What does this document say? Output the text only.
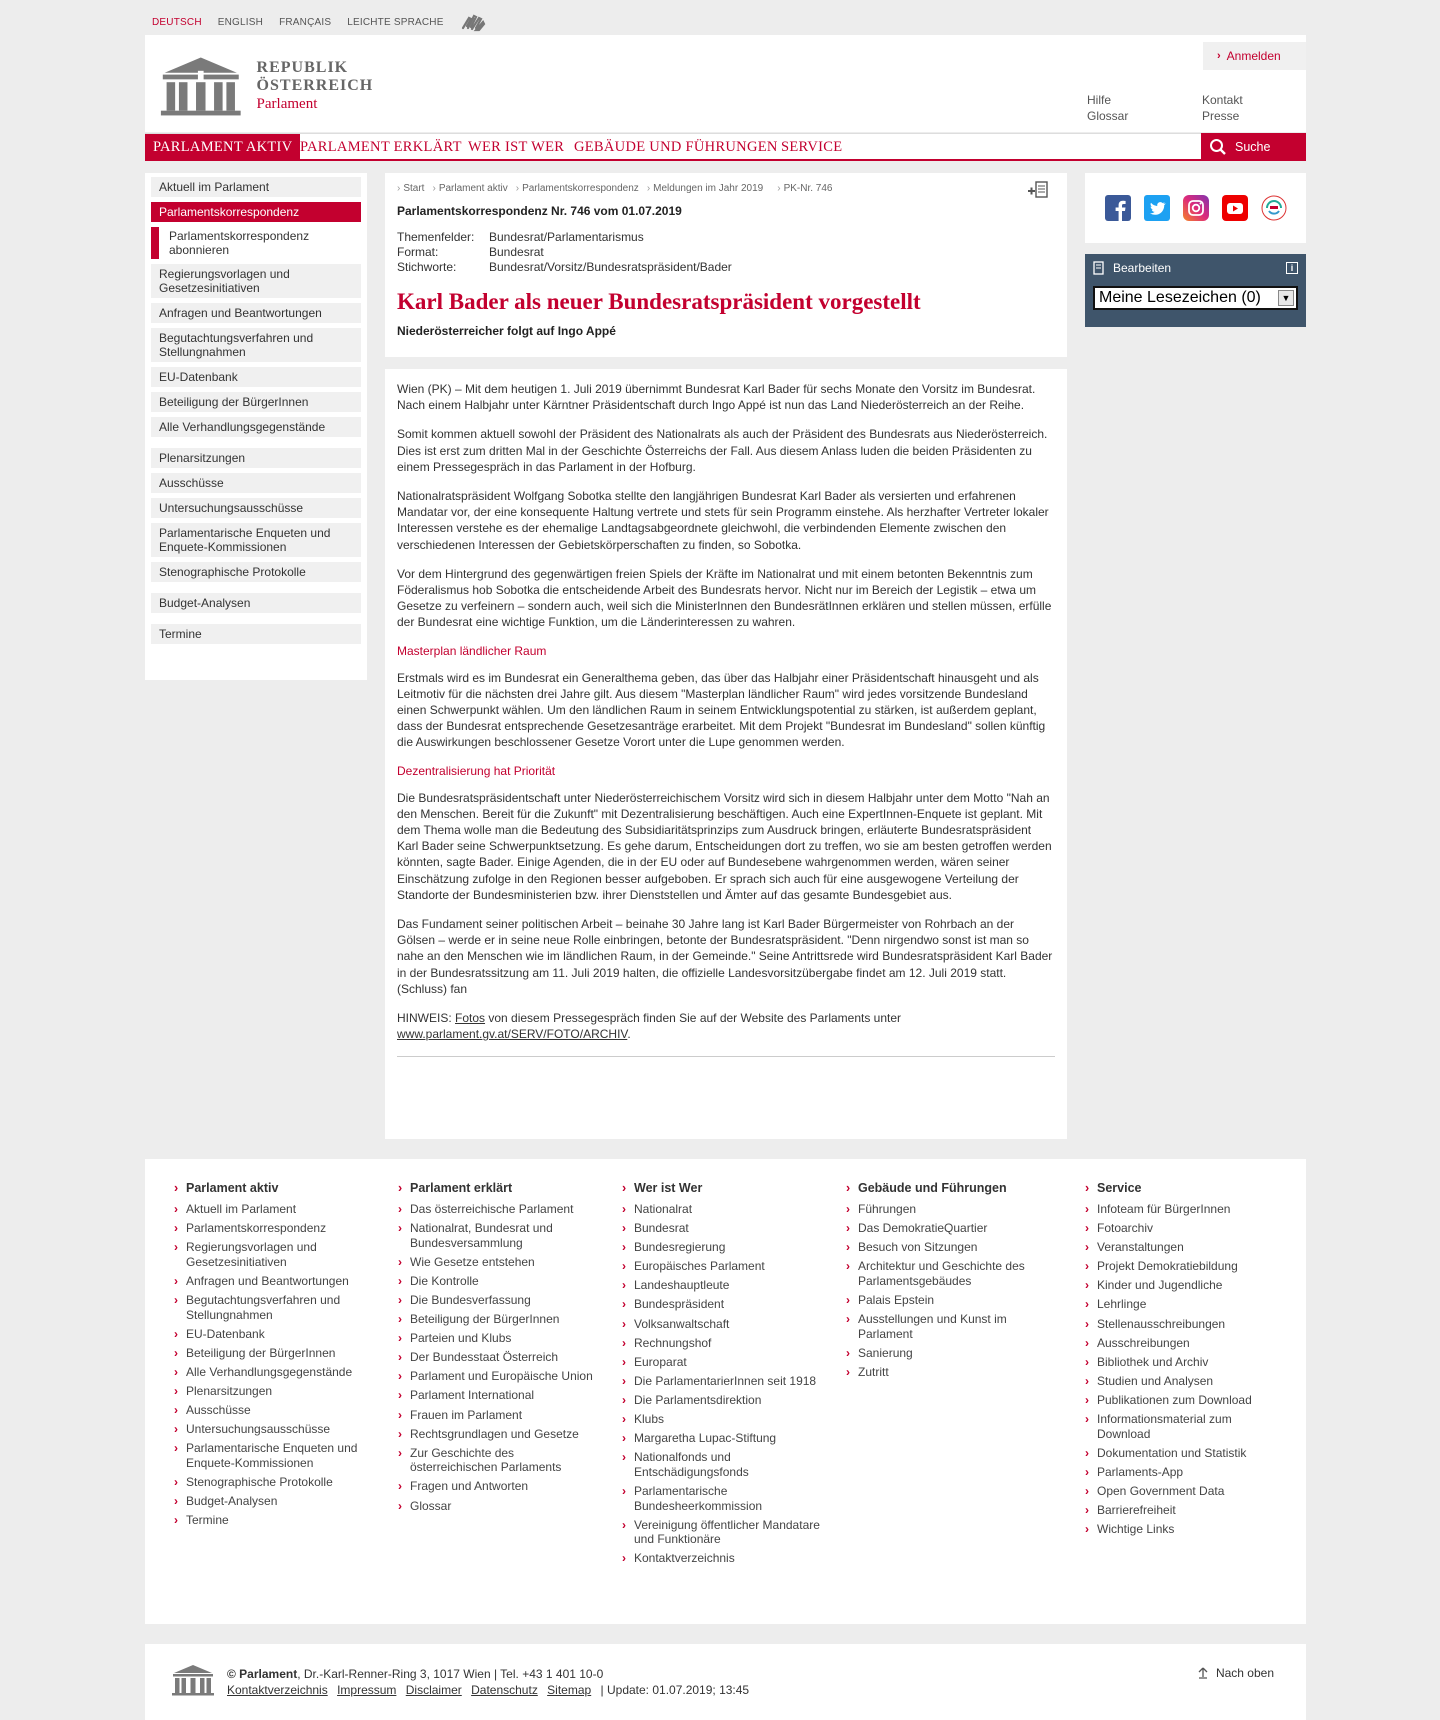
DEUTSCH ENGLISH FRANÇAIS LEICHTE SPRACHE
REPUBLIK ÖSTERREICH
Parlament
› Anmelden
Hilfe
Glossar
Kontakt
Presse
PARLAMENT AKTIV PARLAMENT ERKLÄRT WER IST WER GEBÄUDE UND FÜHRUNGEN SERVICE	Suche
Aktuell im Parlament
Parlamentskorrespondenz
Parlamentskorrespondenz abonnieren
Regierungsvorlagen und Gesetzesinitiativen
Anfragen und Beantwortungen
Begutachtungsverfahren und Stellungnahmen
EU-Datenbank
Beteiligung der BürgerInnen
Alle Verhandlungsgegenstände
Plenarsitzungen
Ausschüsse
Untersuchungsausschüsse
Parlamentarische Enqueten und Enquete-Kommissionen
Stenographische Protokolle
Budget-Analysen
Termine
› Start	› Parlament aktiv	› Parlamentskorrespondenz	› Meldungen im Jahr 2019	› PK-Nr. 746
Parlamentskorrespondenz Nr. 746 vom 01.07.2019
Themenfelder:	Bundesrat/Parlamentarismus
Format:	Bundesrat
Stichworte:	Bundesrat/Vorsitz/Bundesratspräsident/Bader
Karl Bader als neuer Bundesratspräsident vorgestellt
Niederösterreicher folgt auf Ingo Appé

Wien (PK) – Mit dem heutigen 1. Juli 2019 übernimmt Bundesrat Karl Bader für sechs Monate den Vorsitz im Bundesrat. Nach einem Halbjahr unter Kärntner Präsidentschaft durch Ingo Appé ist nun das Land Niederösterreich an der Reihe.

Somit kommen aktuell sowohl der Präsident des Nationalrats als auch der Präsident des Bundesrats aus Niederösterreich. Dies ist erst zum dritten Mal in der Geschichte Österreichs der Fall. Aus diesem Anlass luden die beiden Präsidenten zu einem Pressegespräch in das Parlament in der Hofburg.

Nationalratspräsident Wolfgang Sobotka stellte den langjährigen Bundesrat Karl Bader als versierten und erfahrenen Mandatar vor, der eine konsequente Haltung vertrete und stets für sein Programm einstehe. Als herzhafter Vertreter lokaler Interessen verstehe es der ehemalige Landtagsabgeordnete gleichwohl, die verbindenden Elemente zwischen den verschiedenen Interessen der Gebietskörperschaften zu finden, so Sobotka.

Vor dem Hintergrund des gegenwärtigen freien Spiels der Kräfte im Nationalrat und mit einem betonten Bekenntnis zum Föderalismus hob Sobotka die entscheidende Arbeit des Bundesrats hervor. Nicht nur im Bereich der Legistik – etwa um Gesetze zu verfeinern – sondern auch, weil sich die MinisterInnen den BundesrätInnen erklären und stellen müssen, erfülle der Bundesrat eine wichtige Funktion, um die Länderinteressen zu wahren.

Masterplan ländlicher Raum

Erstmals wird es im Bundesrat ein Generalthema geben, das über das Halbjahr einer Präsidentschaft hinausgeht und als Leitmotiv für die nächsten drei Jahre gilt. Aus diesem "Masterplan ländlicher Raum" wird jedes vorsitzende Bundesland einen Schwerpunkt wählen. Um den ländlichen Raum in seinem Entwicklungspotential zu stärken, ist außerdem geplant, dass der Bundesrat entsprechende Gesetzesanträge erarbeitet. Mit dem Projekt "Bundesrat im Bundesland" sollen künftig die Auswirkungen beschlossener Gesetze Vorort unter die Lupe genommen werden.

Dezentralisierung hat Priorität

Die Bundesratspräsidentschaft unter Niederösterreichischem Vorsitz wird sich in diesem Halbjahr unter dem Motto "Nah an den Menschen. Bereit für die Zukunft" mit Dezentralisierung beschäftigen. Auch eine ExpertInnen-Enquete ist geplant. Mit dem Thema wolle man die Bedeutung des Subsidiaritätsprinzips zum Ausdruck bringen, erläuterte Bundesratspräsident Karl Bader seine Schwerpunktsetzung. Es gehe darum, Entscheidungen dort zu treffen, wo sie am besten getroffen werden könnten, sagte Bader. Einige Agenden, die in der EU oder auf Bundesebene wahrgenommen werden, wären seiner Einschätzung zufolge in den Regionen besser aufgeboben. Er sprach sich auch für eine ausgewogene Verteilung der Standorte der Bundesministerien bzw. ihrer Dienststellen und Ämter auf das gesamte Bundesgebiet aus.

Das Fundament seiner politischen Arbeit – beinahe 30 Jahre lang ist Karl Bader Bürgermeister von Rohrbach an der Gölsen – werde er in seine neue Rolle einbringen, betonte der Bundesratspräsident. "Denn nirgendwo sonst ist man so nahe an den Menschen wie im ländlichen Raum, in der Gemeinde." Seine Antrittsrede wird Bundesratspräsident Karl Bader in der Bundesratssitzung am 11. Juli 2019 halten, die offizielle Landesvorsitzübergabe findet am 12. Juli 2019 statt. (Schluss) fan

HINWEIS: Fotos von diesem Pressegespräch finden Sie auf der Website des Parlaments unter www.parlament.gv.at/SERV/FOTO/ARCHIV.

Bearbeiten	i
Meine Lesezeichen (0)	▼
› Parlament aktiv
› Aktuell im Parlament
› Parlamentskorrespondenz
› Regierungsvorlagen und Gesetzesinitiativen
› Anfragen und Beantwortungen
› Begutachtungsverfahren und Stellungnahmen
› EU-Datenbank
› Beteiligung der BürgerInnen
› Alle Verhandlungsgegenstände
› Plenarsitzungen
› Ausschüsse
› Untersuchungsausschüsse
› Parlamentarische Enqueten und Enquete-Kommissionen
› Stenographische Protokolle
› Budget-Analysen
› Termine
› Parlament erklärt
› Das österreichische Parlament
› Nationalrat, Bundesrat und Bundesversammlung
› Wie Gesetze entstehen
› Die Kontrolle
› Die Bundesverfassung
› Beteiligung der BürgerInnen
› Parteien und Klubs
› Der Bundesstaat Österreich
› Parlament und Europäische Union
› Parlament International
› Frauen im Parlament
› Rechtsgrundlagen und Gesetze
› Zur Geschichte des österreichischen Parlaments
› Fragen und Antworten
› Glossar
› Wer ist Wer
› Nationalrat
› Bundesrat
› Bundesregierung
› Europäisches Parlament
› Landeshauptleute
› Bundespräsident
› Volksanwaltschaft
› Rechnungshof
› Europarat
› Die ParlamentarierInnen seit 1918
› Die Parlamentsdirektion
› Klubs
› Margaretha Lupac-Stiftung
› Nationalfonds und Entschädigungsfonds
› Parlamentarische Bundesheerkommission
› Vereinigung öffentlicher Mandatare und Funktionäre
› Kontaktverzeichnis
› Gebäude und Führungen
› Führungen
› Das DemokratieQuartier
› Besuch von Sitzungen
› Architektur und Geschichte des Parlamentsgebäudes
› Palais Epstein
› Ausstellungen und Kunst im Parlament
› Sanierung
› Zutritt
› Service
› Infoteam für BürgerInnen
› Fotoarchiv
› Veranstaltungen
› Projekt Demokratiebildung
› Kinder und Jugendliche
› Lehrlinge
› Stellenausschreibungen
› Ausschreibungen
› Bibliothek und Archiv
› Studien und Analysen
› Publikationen zum Download
› Informationsmaterial zum Download
› Dokumentation und Statistik
› Parlaments-App
› Open Government Data
› Barrierefreiheit
› Wichtige Links
© Parlament, Dr.-Karl-Renner-Ring 3, 1017 Wien | Tel. +43 1 401 10-0
Kontaktverzeichnis Impressum Disclaimer Datenschutz Sitemap | Update: 01.07.2019; 13:45
Nach oben
